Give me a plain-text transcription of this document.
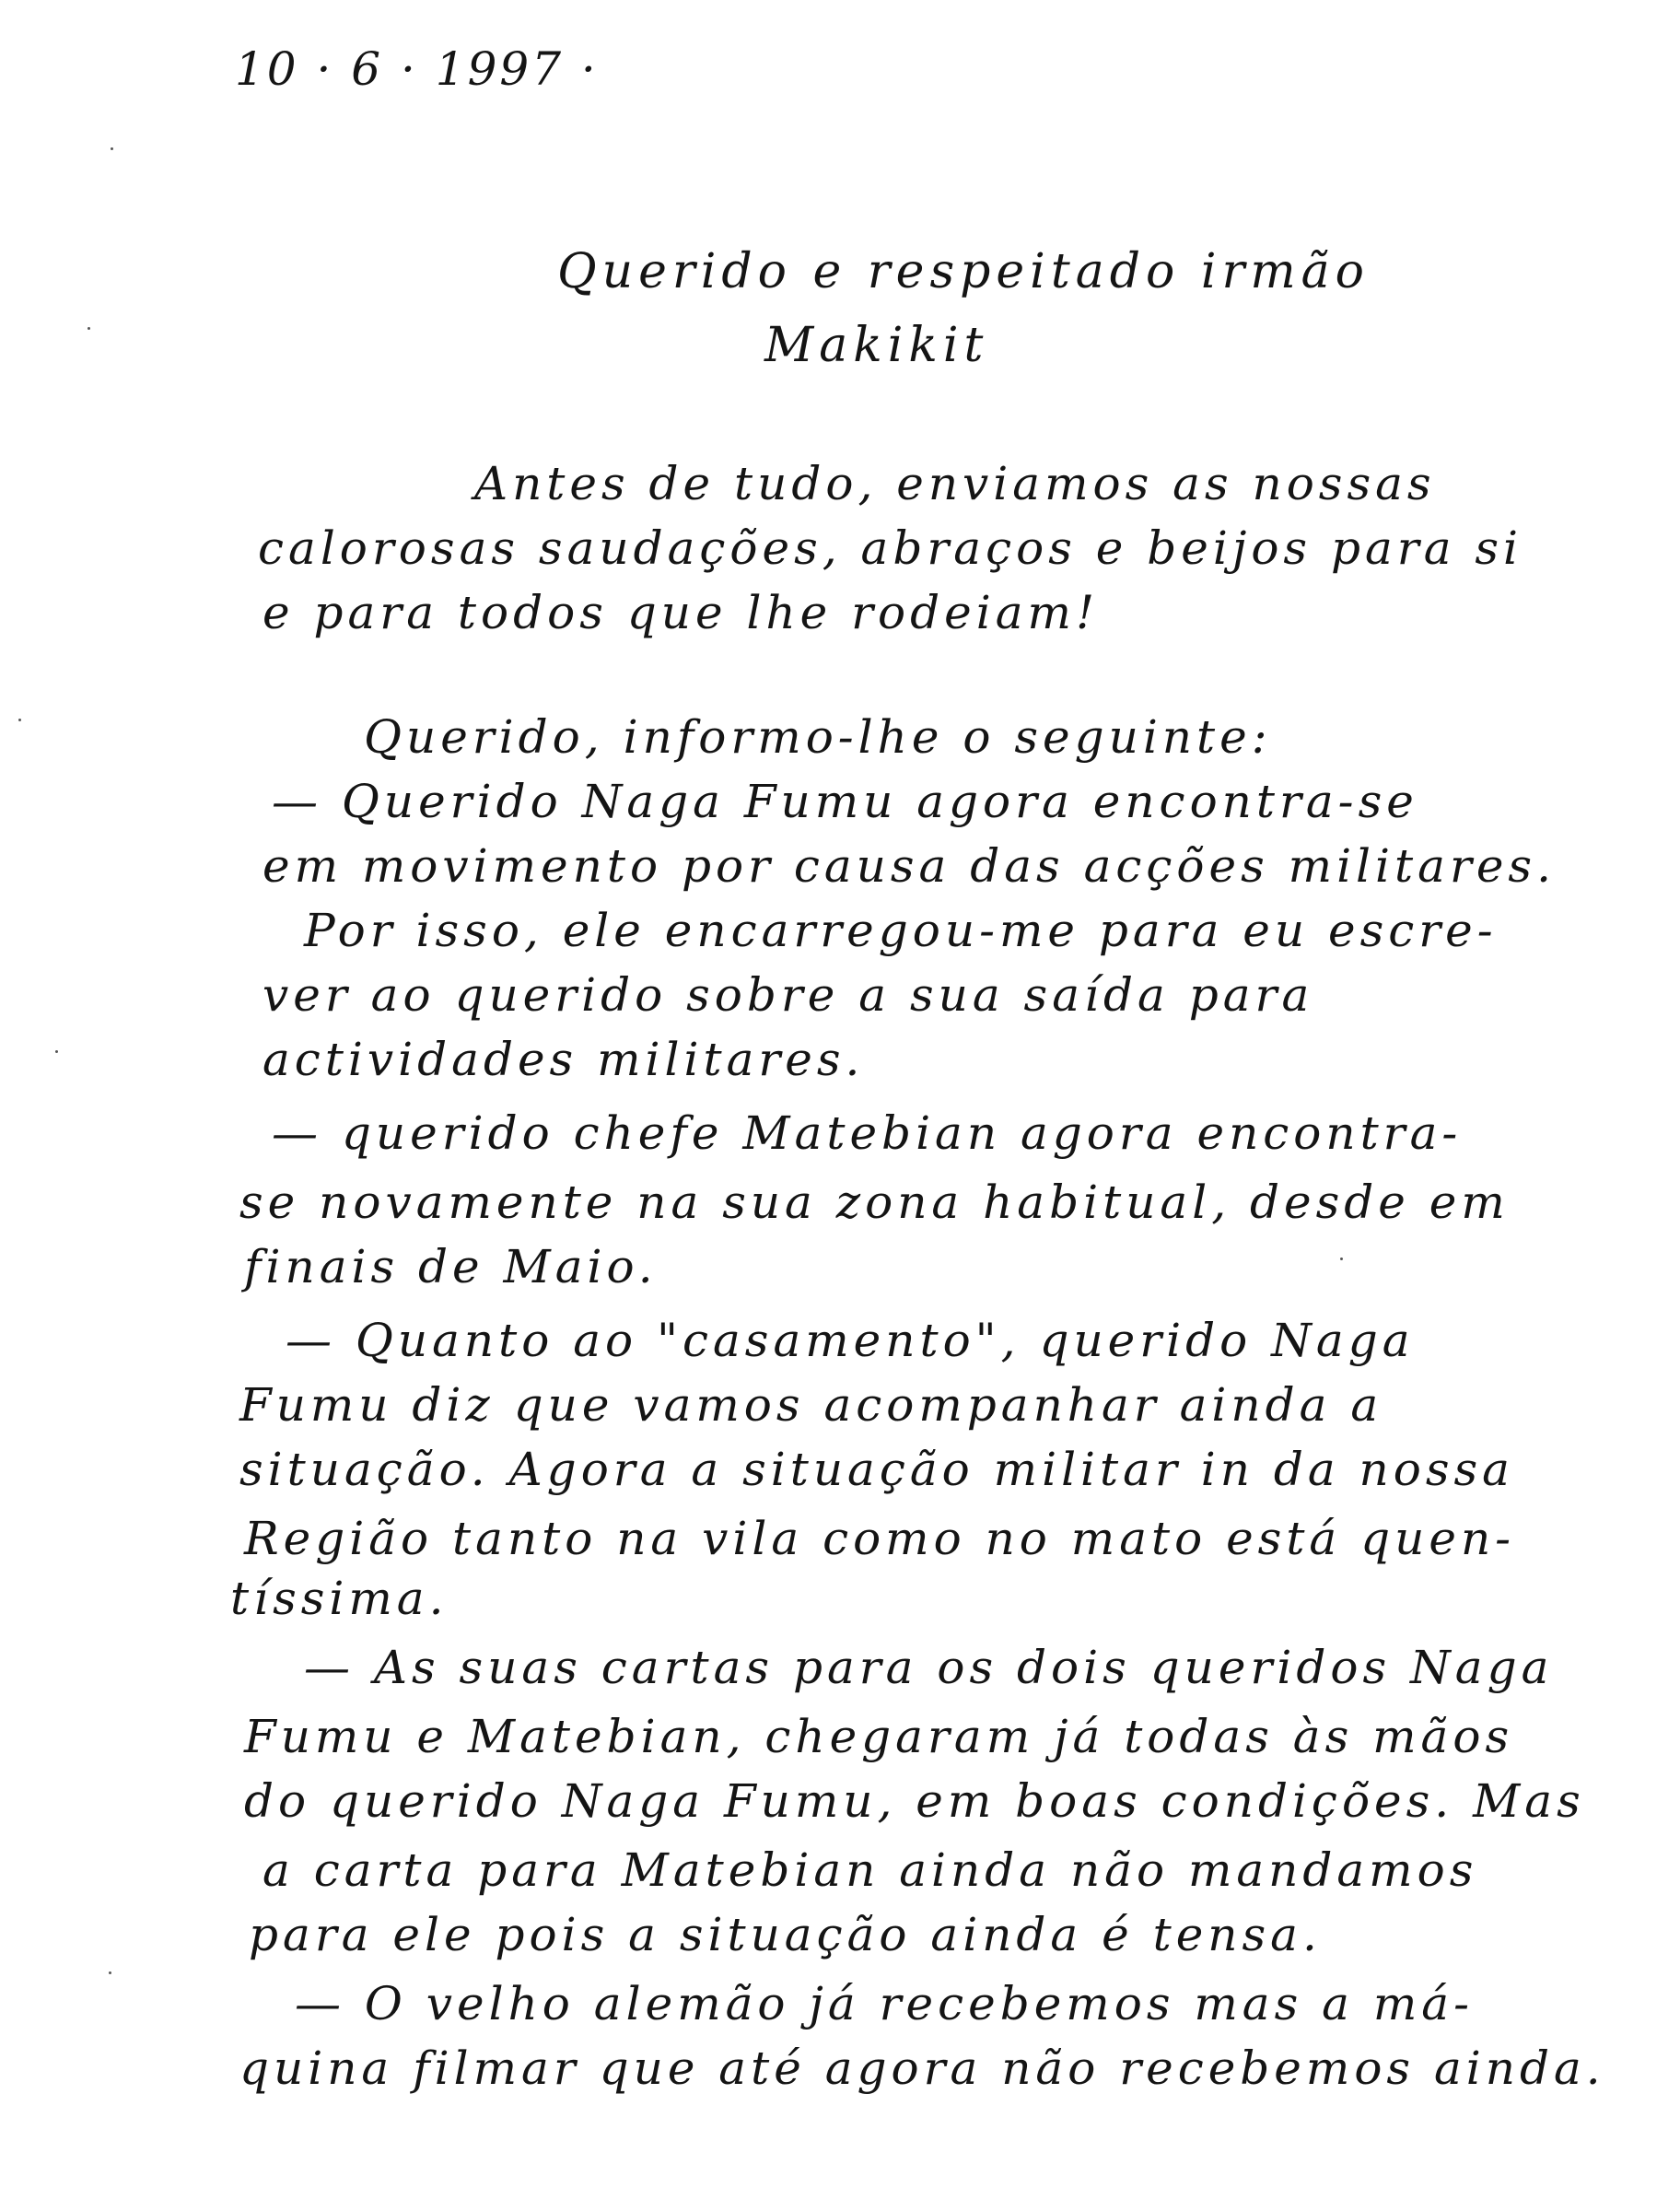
10 · 6 · 1997 ·
Querido e respeitado irmão
Makikit
Antes de tudo, enviamos as nossas
calorosas saudações, abraços e beijos para si
e para todos que lhe rodeiam!
Querido, informo-lhe o seguinte:
— Querido Naga Fumu agora encontra-se
em movimento por causa das acções militares.
Por isso, ele encarregou-me para eu escre-
ver ao querido sobre a sua saída para
actividades militares.
— querido chefe Matebian agora encontra-
se novamente na sua zona habitual, desde em
finais de Maio.
— Quanto ao "casamento", querido Naga
Fumu diz que vamos acompanhar ainda a
situação. Agora a situação militar in da nossa
Região tanto na vila como no mato está quen-
tíssima.
— As suas cartas para os dois queridos Naga
Fumu e Matebian, chegaram já todas às mãos
do querido Naga Fumu, em boas condições. Mas
a carta para Matebian ainda não mandamos
para ele pois a situação ainda é tensa.
— O velho alemão já recebemos mas a má-
quina filmar que até agora não recebemos ainda.
